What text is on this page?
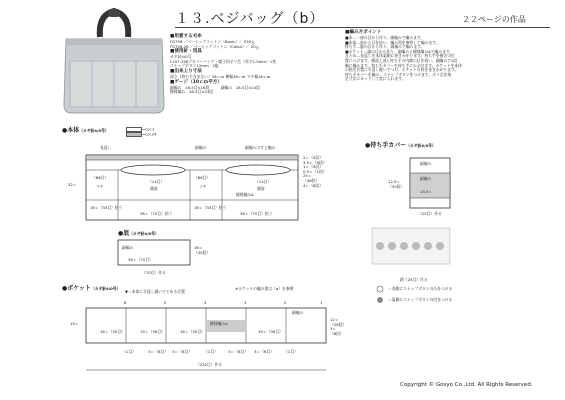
１３.ベジバッグ（b）	２２ページの作品
■用意する毛糸
FG756 ／ベーシックコットン（Basic）／ 530ｇ
FG756-26 ／ベーシックコットン（Colon）／ 20ｇ
■使用針・用具
カギ針4/0号
CL57-358クロバーバッグ・帽子用ボリ芯（厚さ1.5mm）1枚
スナップボタン12mm　2組
■出来上り寸法
深さ（持ち手含まない）26ｃｍ 横幅38ｃｍ マチ幅16ｃｍ
■ゲージ（10ｃｍ平方）
細編み　18.5目×16段　　　細編み　18.5目×24段
模様編み　18.5目×23段
■編み方ポイント
■本…一部の目から作り、細編みで編みます。
■本体…底から目を拾い、編み図を参照して編みます。
持ち手…脇の目から作り、細編みで編みます。
■ポケット…脇の目から作り、細編みと模様編みAで編みます。
まとめ…見返しを本体裏側に巻きかがります。持ち手を指定の位
置につけます。側面上部と持ち手の内側の目を拾い、細編みで1段
編に編みます。持ち手カバーを持ち手にかぶせます。ポケットを本体
の指定位置に半返し縫いでつけ、ポケットの底を巻きかがります。
持ち手カバーを編み、スナップボタンをつけます。ボリ芯を指
定寸法にカットして底に入れます。
●本体（カギ針4/0号）	=col.1
=col.24
見返し	細編み	細編みのすじ編み
32ｃ
（86目）
（14目）
（86目）
（14目）
マチ	側面	マチ	側面
模様編みA
16ｃ（30目）拾う
38ｃ（70目）拾う
16ｃ（30目）拾う
38ｃ（70目）拾う
2ｃ（5段）
3.5ｃ（9段）
1ｃ（5段）
0.5ｃ（1段）
25ｃ
（46段）
4ｃ（8段）
●底（カギ針4/0号）
細編み
38ｃ（70目）
（70目）作る
16ｃ
（30段）
●持ち手カバー（カギ針4/0号）
細編み
細編み
13.5ｃ
12.5ｃ
（30段）
（25目）作る
鎖（25目）作る
＝表側にスナップボタンの凸をつける
＝裏側にスナップボタンの凹をつける
●ポケット（カギ針4/0号）
▼＝本体に半返し縫いでとめる位置
※ポケットの編み図は（a）を参照
6	5	4	3	2	1
細編み
模様編みA
16ｃ（30目）	19ｃ（36目）	16ｃ（30目）	19ｃ（36目）
15ｃ
12ｃ
（28段）
3ｃ
（8段）
（1目）	3ｃ（6目） 3ｃ（6目）	（1目）	3ｃ（6目） 3ｃ（6目）	（1目）
（232目）作る
Copyright © Gosyo Co.,Ltd. All Rights Reserved.
